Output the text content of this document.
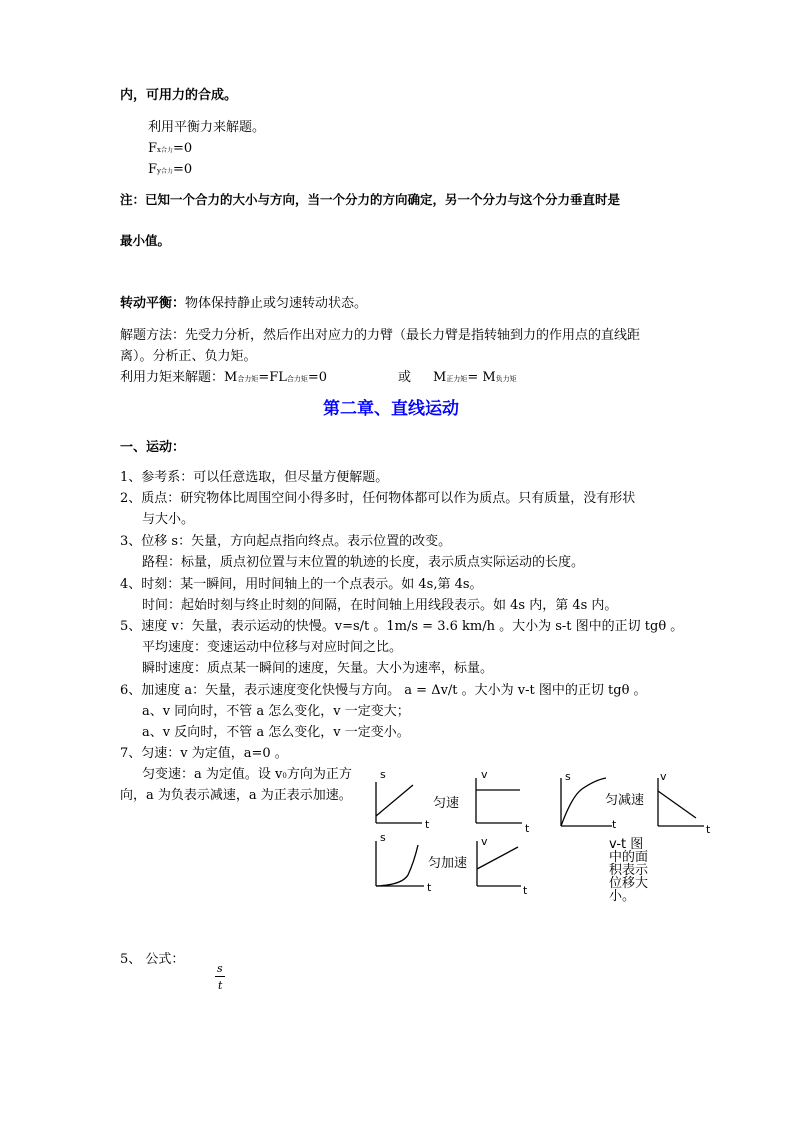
内，可用力的合成。
利用平衡力来解题。
Fx合力=0
Fy合力=0
注：已知一个合力的大小与方向，当一个分力的方向确定，另一个分力与这个分力垂直时是
最小值。
转动平衡：物体保持静止或匀速转动状态。
解题方法：先受力分析，然后作出对应力的力臂（最长力臂是指转轴到力的作用点的直线距
离）。分析正、负力矩。
利用力矩来解题：M合力矩=FL合力矩=0	或 M正力矩= M负力矩
第二章、直线运动
一、运动：
1、参考系：可以任意选取，但尽量方便解题。
2、质点：研究物体比周围空间小得多时，任何物体都可以作为质点。只有质量，没有形状
与大小。
3、位移 s：矢量，方向起点指向终点。表示位置的改变。
路程：标量，质点初位置与末位置的轨迹的长度，表示质点实际运动的长度。
4、时刻：某一瞬间，用时间轴上的一个点表示。如 4s,第 4s。
时间：起始时刻与终止时刻的间隔，在时间轴上用线段表示。如 4s 内，第 4s 内。
5、速度 v：矢量，表示运动的快慢。v=s/t 。1m/s = 3.6 km/h 。大小为 s-t 图中的正切 tgθ 。
平均速度：变速运动中位移与对应时间之比。
瞬时速度：质点某一瞬间的速度，矢量。大小为速率，标量。
6、加速度 a：矢量，表示速度变化快慢与方向。 a = Δv/t 。大小为 v-t 图中的正切 tgθ 。
a、v 同向时，不管 a 怎么变化，v 一定变大；
a、v 反向时，不管 a 怎么变化，v 一定变小。
7、匀速：v 为定值，a=0 。
匀变速：a 为定值。设 v0方向为正方
向，a 为负表示减速，a 为正表示加速。
s
t
v
t
s
t
v
t
s
t
v
t
匀速	匀减速
匀加速
v-t 图
中的面
积表示
位移大
小。
5、 公式：
s
t
